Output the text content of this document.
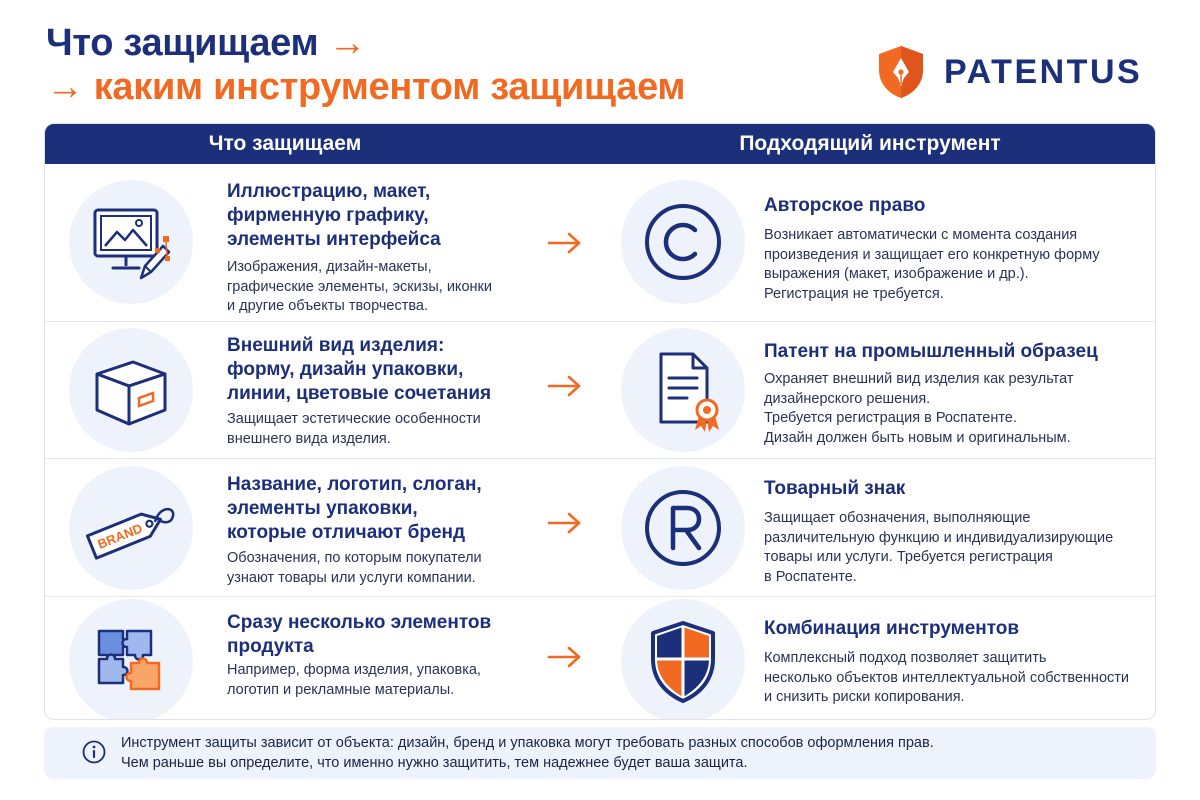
Что защищаем →
→ каким инструментом защищаем	PATENTUS
Что защищаем	Подходящий инструмент
Иллюстрацию, макет,
фирменную графику,
элементы интерфейса
Изображения, дизайн-макеты,
графические элементы, эскизы, иконки
и другие объекты творчества.
Авторское право
Возникает автоматически с момента создания
произведения и защищает его конкретную форму
выражения (макет, изображение и др.).
Регистрация не требуется.
Внешний вид изделия:
форму, дизайн упаковки,
линии, цветовые сочетания
Защищает эстетические особенности
внешнего вида изделия.
Патент на промышленный образец
Охраняет внешний вид изделия как результат
дизайнерского решения.
Требуется регистрация в Роспатенте.
Дизайн должен быть новым и оригинальным.
BRAND
Название, логотип, слоган,
элементы упаковки,
которые отличают бренд
Обозначения, по которым покупатели
узнают товары или услуги компании.
Товарный знак
Защищает обозначения, выполняющие
различительную функцию и индивидуализирующие
товары или услуги. Требуется регистрация
в Роспатенте.
Сразу несколько элементов
продукта
Например, форма изделия, упаковка,
логотип и рекламные материалы.
Комбинация инструментов
Комплексный подход позволяет защитить
несколько объектов интеллектуальной собственности
и снизить риски копирования.
Инструмент защиты зависит от объекта: дизайн, бренд и упаковка могут требовать разных способов оформления прав.
Чем раньше вы определите, что именно нужно защитить, тем надежнее будет ваша защита.
